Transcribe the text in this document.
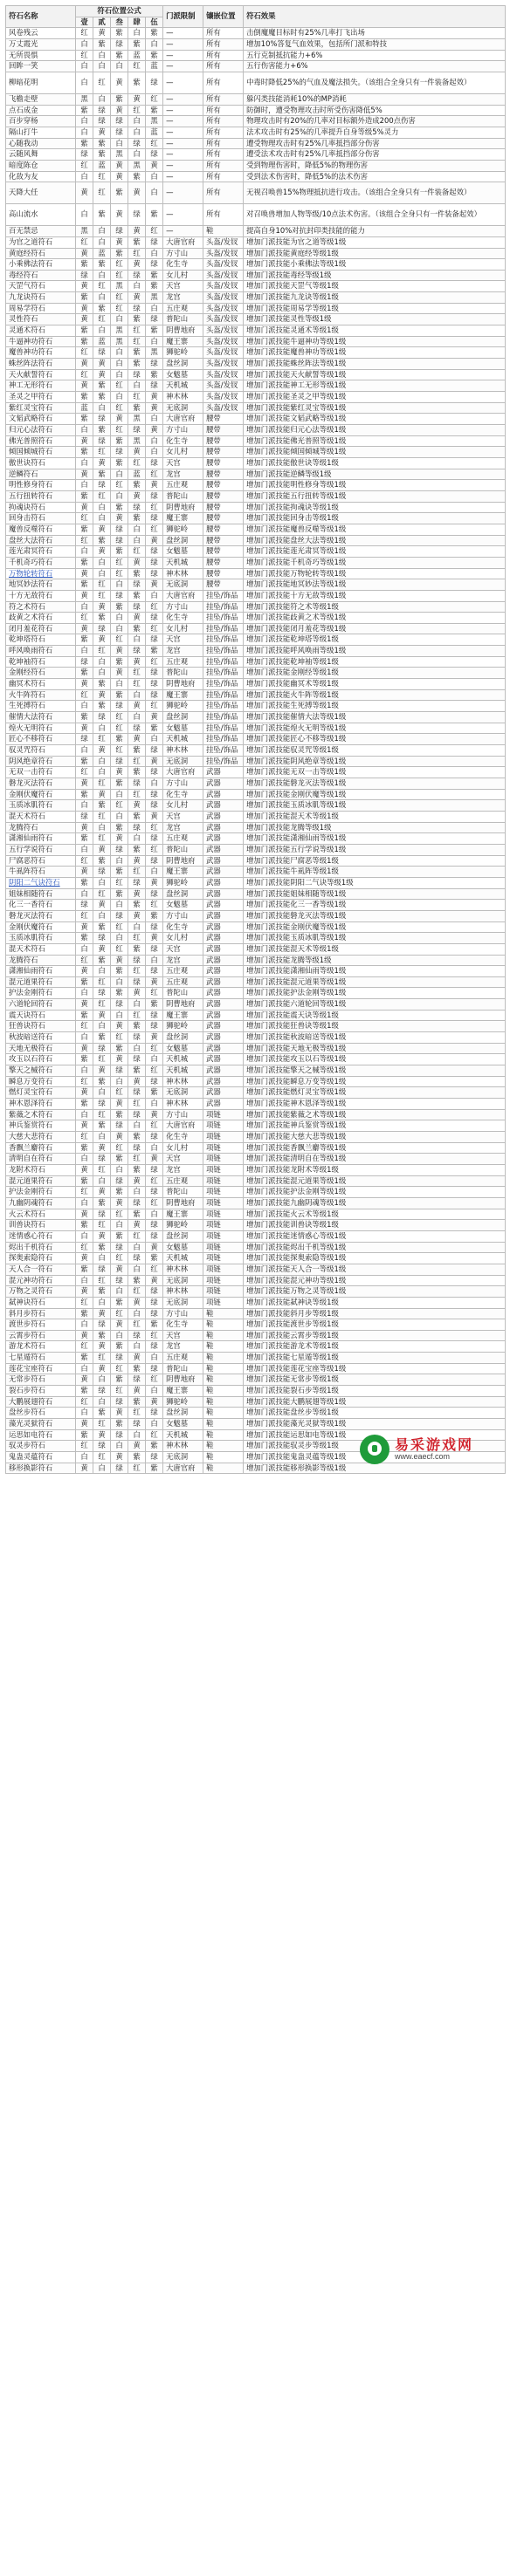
符石名称	符石位置公式					门派限制	镶嵌位置	符石效果
	壹	贰	叁	肆	伍			
风卷残云	红	黄	紫	白	紫	—	所有	击倒魔魔目标时有25%几率打飞出场
万丈霞光	白	紫	绿	紫	白	—	所有	增加10%答复气血效果，包括所门派和特技
无所畏惧	红	白	紫	蓝	紫	—	所有	五行克制抵抗能力+6%
回眸一笑	白	白	白	红	蓝	—	所有	五行伤害能力+6%
柳暗花明	白	红	黄	紫	绿	—	所有	中毒时降低25%的气血及魔法损失。（该组合全身只有一件装备起效）
飞檐走壁	黑	白	紫	黄	红	—	所有	躲闪类技能消耗10%的MP消耗
点石成金	紫	绿	黄	红	紫	—	所有	防御时，遭受物理攻击时所受伤害降低5%
百步穿杨	白	绿	绿	白	黑	—	所有	物理攻击时有20%的几率对目标额外造成200点伤害
隔山打牛	白	黄	绿	白	蓝	—	所有	法术攻击时有25%的几率提升自身等级5%灵力
心随我动	紫	紫	白	绿	红	—	所有	遭受物理攻击时有25%几率抵挡部分伤害
云随风舞	绿	紫	黑	白	绿	—	所有	遭受法术攻击时有25%几率抵挡部分伤害
暗度陈仓	红	蓝	黄	黑	黄	—	所有	受到物理伤害时，降低5%的物理伤害
化敌为友	白	红	黄	紫	白	—	所有	受到法术伤害时，降低5%的法术伤害
天降大任	黄	红	紫	黄	白	—	所有	无视召唤兽15%物理抵抗进行攻击。（该组合全身只有一件装备起效）
高山流水	白	紫	黄	绿	紫	—	所有	对召唤兽增加人物等级/10点法术伤害。（该组合全身只有一件装备起效）
百无禁忌	黑	白	绿	黄	红	—	鞋	提高自身10%对抗封印类技能的能力
为官之道符石	红	白	黄	紫	绿	大唐官府	头盔/发钗	增加门派技能为官之道等级1级
黄庭经符石	黄	蓝	紫	红	白	方寸山	头盔/发钗	增加门派技能黄庭经等级1级
小乘佛法符石	紫	紫	红	黄	绿	化生寺	头盔/发钗	增加门派技能小乘佛法等级1级
毒经符石	绿	白	红	绿	紫	女儿村	头盔/发钗	增加门派技能毒经等级1级
天罡气符石	黄	红	黑	白	紫	天宫	头盔/发钗	增加门派技能天罡气等级1级
九龙诀符石	紫	白	红	黄	黑	龙宫	头盔/发钗	增加门派技能九龙诀等级1级
周易学符石	黄	紫	红	绿	白	五庄观	头盔/发钗	增加门派技能周易学等级1级
灵性符石	黄	红	白	紫	绿	普陀山	头盔/发钗	增加门派技能灵性等级1级
灵通术符石	紫	白	黑	红	紫	阴曹地府	头盔/发钗	增加门派技能灵通术等级1级
牛逼神功符石	紫	蓝	黑	红	白	魔王寨	头盔/发钗	增加门派技能牛逼神功等级1级
魔兽神功符石	红	绿	白	紫	黑	狮驼岭	头盔/发钗	增加门派技能魔兽神功等级1级
蛛丝阵法符石	黄	黄	白	紫	绿	盘丝洞	头盔/发钗	增加门派技能蛛丝阵法等级1级
天火献誓符石	红	黄	白	绿	紫	女魃墓	头盔/发钗	增加门派技能天火献誓等级1级
神工无形符石	黄	紫	红	白	绿	天机城	头盔/发钗	增加门派技能神工无形等级1级
圣灵之甲符石	紫	紫	白	红	黄	神木林	头盔/发钗	增加门派技能圣灵之甲等级1级
紫红灵宝符石	蓝	白	红	紫	黄	无底洞	头盔/发钗	增加门派技能紫红灵宝等级1级
文韬武略符石	紫	绿	黄	黑	白	大唐官府	腰带	增加门派技能文韬武略等级1级
归元心法符石	白	紫	红	绿	黄	方寸山	腰带	增加门派技能归元心法等级1级
佛光普照符石	黄	绿	紫	黑	白	化生寺	腰带	增加门派技能佛光普照等级1级
倾国倾城符石	紫	红	绿	黄	白	女儿村	腰带	增加门派技能倾国倾城等级1级
傲世诀符石	白	黄	紫	红	绿	天宫	腰带	增加门派技能傲世诀等级1级
逆鳞符石	黄	紫	白	蓝	红	龙宫	腰带	增加门派技能逆鳞等级1级
明性修身符石	白	绿	红	紫	黄	五庄观	腰带	增加门派技能明性修身等级1级
五行扭转符石	紫	红	白	黄	绿	普陀山	腰带	增加门派技能五行扭转等级1级
拘魂诀符石	黄	白	紫	绿	红	阴曹地府	腰带	增加门派技能拘魂诀等级1级
回身击符石	红	白	黄	紫	绿	魔王寨	腰带	增加门派技能回身击等级1级
魔兽反噬符石	紫	黄	绿	白	红	狮驼岭	腰带	增加门派技能魔兽反噬等级1级
盘丝大法符石	红	紫	绿	白	黄	盘丝洞	腰带	增加门派技能盘丝大法等级1级
莲光肃冥符石	白	黄	紫	红	绿	女魃墓	腰带	增加门派技能莲光肃冥等级1级
千机奇巧符石	紫	白	红	黄	绿	天机城	腰带	增加门派技能千机奇巧等级1级
万物轮转符石	黄	白	红	紫	绿	神木林	腰带	增加门派技能万物轮转等级1级
地冥妙法符石	紫	红	白	绿	黄	无底洞	腰带	增加门派技能地冥妙法等级1级
十方无敌符石	黄	红	绿	紫	白	大唐官府	挂坠/饰品	增加门派技能十方无敌等级1级
符之术符石	白	黄	紫	绿	红	方寸山	挂坠/饰品	增加门派技能符之术等级1级
歧黄之术符石	红	紫	白	黄	绿	化生寺	挂坠/饰品	增加门派技能歧黄之术等级1级
闭月羞花符石	黄	绿	白	紫	红	女儿村	挂坠/饰品	增加门派技能闭月羞花等级1级
乾坤塔符石	紫	黄	红	白	绿	天宫	挂坠/饰品	增加门派技能乾坤塔等级1级
呼风唤雨符石	白	红	黄	绿	紫	龙宫	挂坠/饰品	增加门派技能呼风唤雨等级1级
乾坤袖符石	绿	白	紫	黄	红	五庄观	挂坠/饰品	增加门派技能乾坤袖等级1级
金刚经符石	紫	白	黄	红	绿	普陀山	挂坠/饰品	增加门派技能金刚经等级1级
幽冥术符石	黄	紫	白	红	绿	阴曹地府	挂坠/饰品	增加门派技能幽冥术等级1级
火牛阵符石	红	黄	紫	白	绿	魔王寨	挂坠/饰品	增加门派技能火牛阵等级1级
生死搏符石	白	紫	绿	黄	红	狮驼岭	挂坠/饰品	增加门派技能生死搏等级1级
催情大法符石	紫	绿	红	白	黄	盘丝洞	挂坠/饰品	增加门派技能催情大法等级1级
煌火无明符石	黄	白	红	绿	紫	女魃墓	挂坠/饰品	增加门派技能煌火无明等级1级
匠心不移符石	绿	红	紫	黄	白	天机城	挂坠/饰品	增加门派技能匠心不移等级1级
驭灵咒符石	白	黄	红	紫	绿	神木林	挂坠/饰品	增加门派技能驭灵咒等级1级
阴风绝章符石	紫	白	绿	红	黄	无底洞	挂坠/饰品	增加门派技能阴风绝章等级1级
无双一击符石	红	白	黄	紫	绿	大唐官府	武器	增加门派技能无双一击等级1级
磐龙灭法符石	黄	红	紫	绿	白	方寸山	武器	增加门派技能磐龙灭法等级1级
金刚伏魔符石	紫	黄	白	红	绿	化生寺	武器	增加门派技能金刚伏魔等级1级
玉质冰肌符石	白	紫	红	黄	绿	女儿村	武器	增加门派技能玉质冰肌等级1级
混天术符石	绿	红	白	紫	黄	天宫	武器	增加门派技能混天术等级1级
龙腾符石	黄	白	紫	绿	红	龙宫	武器	增加门派技能龙腾等级1级
潇湘仙雨符石	紫	红	黄	白	绿	五庄观	武器	增加门派技能潇湘仙雨等级1级
五行学说符石	白	黄	绿	紫	红	普陀山	武器	增加门派技能五行学说等级1级
尸腐恶符石	红	紫	白	黄	绿	阴曹地府	武器	增加门派技能尸腐恶等级1级
牛虱阵符石	黄	绿	紫	红	白	魔王寨	武器	增加门派技能牛虱阵等级1级
阴阳二气诀符石	紫	白	红	绿	黄	狮驼岭	武器	增加门派技能阴阳二气诀等级1级
姐妹相随符石	白	红	紫	黄	绿	盘丝洞	武器	增加门派技能姐妹相随等级1级
化三一香符石	绿	黄	白	紫	红	女魃墓	武器	增加门派技能化三一香等级1级
磐龙灭法符石	红	白	绿	黄	紫	方寸山	武器	增加门派技能磐龙灭法等级1级
金刚伏魔符石	黄	紫	红	白	绿	化生寺	武器	增加门派技能金刚伏魔等级1级
玉质冰肌符石	紫	绿	白	红	黄	女儿村	武器	增加门派技能玉质冰肌等级1级
混天术符石	白	黄	红	紫	绿	天宫	武器	增加门派技能混天术等级1级
龙腾符石	红	紫	黄	绿	白	龙宫	武器	增加门派技能龙腾等级1级
潇湘仙雨符石	黄	白	紫	红	绿	五庄观	武器	增加门派技能潇湘仙雨等级1级
混元道果符石	紫	红	白	绿	黄	五庄观	武器	增加门派技能混元道果等级1级
护法金刚符石	白	绿	紫	黄	红	普陀山	武器	增加门派技能护法金刚等级1级
六道轮回符石	黄	红	绿	白	紫	阴曹地府	武器	增加门派技能六道轮回等级1级
震天诀符石	紫	黄	白	红	绿	魔王寨	武器	增加门派技能震天诀等级1级
狂兽诀符石	红	白	黄	紫	绿	狮驼岭	武器	增加门派技能狂兽诀等级1级
秋波暗送符石	白	紫	红	绿	黄	盘丝洞	武器	增加门派技能秋波暗送等级1级
天地无极符石	黄	绿	紫	白	红	女魃墓	武器	增加门派技能天地无极等级1级
攻玉以石符石	紫	红	黄	绿	白	天机城	武器	增加门派技能攻玉以石等级1级
擎天之械符石	白	黄	绿	紫	红	天机城	武器	增加门派技能擎天之械等级1级
瞬息万变符石	红	紫	白	黄	绿	神木林	武器	增加门派技能瞬息万变等级1级
燃灯灵宝符石	黄	白	红	绿	紫	无底洞	武器	增加门派技能燃灯灵宝等级1级
神木恩泽符石	紫	绿	黄	红	白	神木林	武器	增加门派技能神木恩泽等级1级
紫薇之术符石	白	红	紫	绿	黄	方寸山	项链	增加门派技能紫薇之术等级1级
神兵鉴赏符石	黄	紫	绿	白	红	大唐官府	项链	增加门派技能神兵鉴赏等级1级
大慈大悲符石	红	白	黄	紫	绿	化生寺	项链	增加门派技能大慈大悲等级1级
香飘兰麝符石	紫	黄	红	绿	白	女儿村	项链	增加门派技能香飘兰麝等级1级
清明自在符石	白	绿	紫	红	黄	天宫	项链	增加门派技能清明自在等级1级
龙附术符石	黄	红	白	紫	绿	龙宫	项链	增加门派技能龙附术等级1级
混元道果符石	紫	白	绿	黄	红	五庄观	项链	增加门派技能混元道果等级1级
护法金刚符石	红	黄	紫	白	绿	普陀山	项链	增加门派技能护法金刚等级1级
九幽阴魂符石	白	紫	黄	绿	红	阴曹地府	项链	增加门派技能九幽阴魂等级1级
火云术符石	黄	绿	红	紫	白	魔王寨	项链	增加门派技能火云术等级1级
训兽诀符石	紫	红	白	黄	绿	狮驼岭	项链	增加门派技能训兽诀等级1级
迷情惑心符石	白	黄	紫	红	绿	盘丝洞	项链	增加门派技能迷情惑心等级1级
烬出千机符石	红	紫	绿	白	黄	女魃墓	项链	增加门派技能烬出千机等级1级
探奥索隐符石	黄	白	红	绿	紫	天机城	项链	增加门派技能探奥索隐等级1级
天人合一符石	紫	绿	黄	白	红	神木林	项链	增加门派技能天人合一等级1级
混元神功符石	白	红	绿	紫	黄	无底洞	项链	增加门派技能混元神功等级1级
万物之灵符石	黄	紫	白	红	绿	神木林	项链	增加门派技能万物之灵等级1级
弑神诀符石	红	白	紫	黄	绿	无底洞	项链	增加门派技能弑神诀等级1级
斜月步符石	紫	黄	红	白	绿	方寸山	鞋	增加门派技能斜月步等级1级
渡世步符石	白	绿	黄	红	紫	化生寺	鞋	增加门派技能渡世步等级1级
云霄步符石	黄	紫	白	绿	红	天宫	鞋	增加门派技能云霄步等级1级
游龙术符石	红	黄	紫	白	绿	龙宫	鞋	增加门派技能游龙术等级1级
七星遁符石	紫	红	绿	黄	白	五庄观	鞋	增加门派技能七星遁等级1级
莲花宝座符石	白	黄	红	紫	绿	普陀山	鞋	增加门派技能莲花宝座等级1级
无常步符石	黄	白	紫	绿	红	阴曹地府	鞋	增加门派技能无常步等级1级
裂石步符石	紫	绿	红	黄	白	魔王寨	鞋	增加门派技能裂石步等级1级
大鹏展翅符石	红	白	绿	紫	黄	狮驼岭	鞋	增加门派技能大鹏展翅等级1级
盘丝步符石	白	紫	黄	红	绿	盘丝洞	鞋	增加门派技能盘丝步等级1级
藻光灵狱符石	黄	红	紫	绿	白	女魃墓	鞋	增加门派技能藻光灵狱等级1级
运思如电符石	紫	黄	绿	白	红	天机城	鞋	增加门派技能运思如电等级1级
驭灵步符石	红	绿	白	黄	紫	神木林	鞋	增加门派技能驭灵步等级1级
鬼蛊灵蕴符石	白	红	黄	紫	绿	无底洞	鞋	增加门派技能鬼蛊灵蕴等级1级
移形换影符石	黄	白	绿	红	紫	大唐官府	鞋	增加门派技能移形换影等级1级
易采游戏网
www.eaecf.com
